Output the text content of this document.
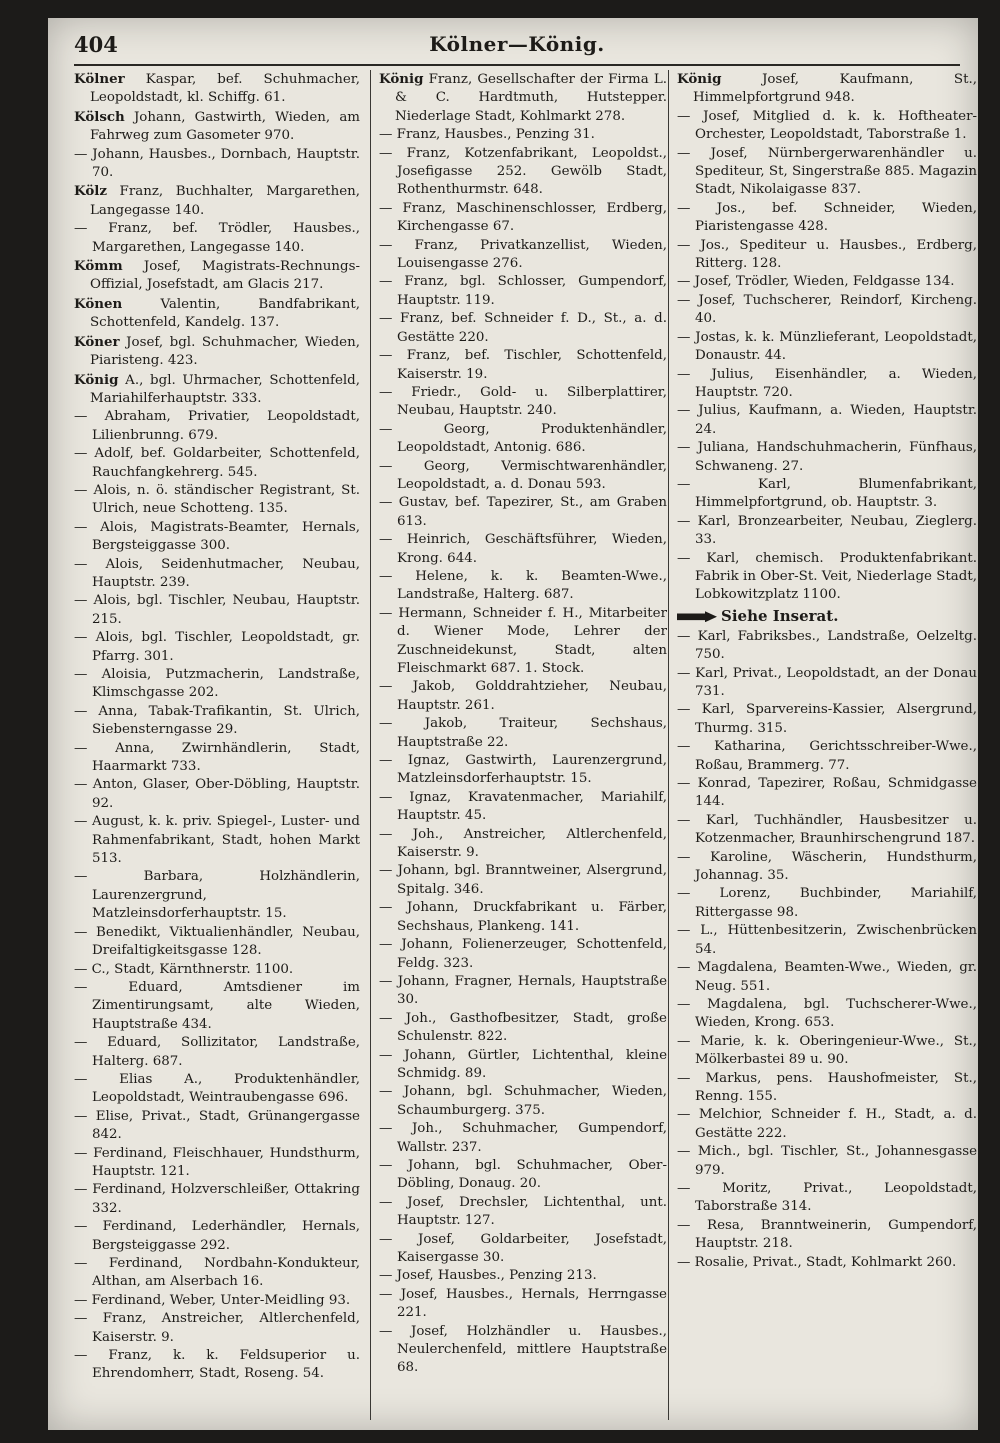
404	Kölner—König.

Kölner Kaspar, bef. Schuhmacher, Leopoldstadt, kl. Schiffg. 61.

Kölsch Johann, Gastwirth, Wieden, am Fahrweg zum Gasometer 970.

— Johann, Hausbes., Dornbach, Hauptstr. 70.

Kölz Franz, Buchhalter, Margarethen, Langegasse 140.

— Franz, bef. Trödler, Hausbes., Margarethen, Langegasse 140.

Kömm Josef, Magistrats-Rechnungs-Offizial, Josefstadt, am Glacis 217.

Könen	Valentin, Bandfabrikant, Schottenfeld, Kandelg. 137.

Köner Josef, bgl. Schuhmacher, Wieden, Piaristeng. 423.

König A., bgl. Uhrmacher, Schottenfeld, Mariahilferhauptstr. 333.

— Abraham, Privatier, Leopoldstadt, Lilienbrunng. 679.

— Adolf, bef. Goldarbeiter, Schottenfeld, Rauchfangkehrerg. 545.

— Alois, n. ö. ständischer Registrant, St. Ulrich, neue Schotteng. 135.

— Alois, Magistrats-Beamter, Hernals, Bergsteiggasse 300.

— Alois, Seidenhutmacher, Neubau, Hauptstr. 239.

— Alois, bgl. Tischler, Neubau, Hauptstr. 215.

— Alois, bgl. Tischler, Leopoldstadt, gr. Pfarrg. 301.

— Aloisia, Putzmacherin, Landstraße, Klimschgasse 202.

— Anna, Tabak-Trafikantin, St. Ulrich, Siebensterngasse 29.

— Anna, Zwirnhändlerin, Stadt, Haarmarkt 733.

— Anton, Glaser, Ober-Döbling, Hauptstr. 92.

— August, k. k. priv. Spiegel-, Luster- und Rahmenfabrikant, Stadt, hohen Markt 513.

— Barbara, Holzhändlerin, Laurenzergrund, Matzleinsdorferhauptstr. 15.

— Benedikt, Viktualienhändler, Neubau, Dreifaltigkeitsgasse 128.

— C., Stadt, Kärnthnerstr. 1100.

— Eduard, Amtsdiener im Zimentirungsamt, alte Wieden, Hauptstraße 434.

— Eduard, Sollizitator, Landstraße, Halterg. 687.

— Elias A., Produktenhändler, Leopoldstadt, Weintraubengasse 696.

— Elise, Privat., Stadt, Grünangergasse 842.

— Ferdinand, Fleischhauer, Hundsthurm, Hauptstr. 121.

— Ferdinand, Holzverschleißer, Ottakring 332.

— Ferdinand, Lederhändler, Hernals, Bergsteiggasse 292.

— Ferdinand, Nordbahn-Kondukteur, Althan, am Alserbach 16.

— Ferdinand, Weber, Unter-Meidling 93.

— Franz, Anstreicher, Altlerchenfeld, Kaiserstr. 9.

— Franz, k. k. Feldsuperior u. Ehrendomherr, Stadt, Roseng. 54.

König Franz, Gesellschafter der Firma L. & C. Hardtmuth, Hutstepper. Niederlage Stadt, Kohlmarkt 278.

— Franz, Hausbes., Penzing 31.

— Franz, Kotzenfabrikant, Leopoldst., Josefigasse 252. Gewölb Stadt, Rothenthurmstr. 648.

— Franz, Maschinenschlosser, Erdberg, Kirchengasse 67.

— Franz, Privatkanzellist, Wieden, Louisengasse 276.

— Franz, bgl. Schlosser, Gumpendorf, Hauptstr. 119.

— Franz, bef. Schneider f. D., St., a. d. Gestätte 220.

— Franz, bef. Tischler, Schottenfeld, Kaiserstr. 19.

— Friedr., Gold- u. Silberplattirer, Neubau, Hauptstr. 240.

— Georg, Produktenhändler, Leopoldstadt, Antonig. 686.

— Georg, Vermischtwarenhändler, Leopoldstadt, a. d. Donau 593.

— Gustav, bef. Tapezirer, St., am Graben 613.

— Heinrich, Geschäftsführer, Wieden, Krong. 644.

— Helene, k. k. Beamten-Wwe., Landstraße, Halterg. 687.

— Hermann, Schneider f. H., Mitarbeiter d. Wiener Mode, Lehrer der Zuschneidekunst, Stadt, alten Fleischmarkt 687. 1. Stock.

— Jakob, Golddrahtzieher, Neubau, Hauptstr. 261.

— Jakob, Traiteur, Sechshaus, Hauptstraße 22.

— Ignaz, Gastwirth, Laurenzergrund, Matzleinsdorferhauptstr. 15.

— Ignaz, Kravatenmacher, Mariahilf, Hauptstr. 45.

— Joh., Anstreicher, Altlerchenfeld, Kaiserstr. 9.

— Johann, bgl. Branntweiner, Alsergrund, Spitalg. 346.

— Johann, Druckfabrikant u. Färber, Sechshaus, Plankeng. 141.

— Johann, Folienerzeuger, Schottenfeld, Feldg. 323.

— Johann, Fragner, Hernals, Hauptstraße 30.

— Joh., Gasthofbesitzer, Stadt, große Schulenstr. 822.

— Johann, Gürtler, Lichtenthal, kleine Schmidg. 89.

— Johann, bgl. Schuhmacher, Wieden, Schaumburgerg. 375.

— Joh., Schuhmacher, Gumpendorf, Wallstr. 237.

— Johann, bgl. Schuhmacher, Ober-Döbling, Donaug. 20.

— Josef, Drechsler, Lichtenthal, unt. Hauptstr. 127.

— Josef, Goldarbeiter, Josefstadt, Kaisergasse 30.

— Josef, Hausbes., Penzing 213.

— Josef, Hausbes., Hernals, Herrngasse 221.

— Josef, Holzhändler u. Hausbes., Neulerchenfeld, mittlere Hauptstraße 68.

König	Josef, Kaufmann, St., Himmelpfortgrund 948.

— Josef, Mitglied d. k. k. Hoftheater-Orchester, Leopoldstadt, Taborstraße 1.

— Josef, Nürnbergerwarenhändler u. Spediteur, St, Singerstraße 885. Magazin Stadt, Nikolaigasse 837.

— Jos., bef. Schneider, Wieden, Piaristengasse 428.

— Jos., Spediteur u. Hausbes., Erdberg, Ritterg. 128.

— Josef, Trödler, Wieden, Feldgasse 134.

— Josef, Tuchscherer, Reindorf, Kircheng. 40.

— Jostas, k. k. Münzlieferant, Leopoldstadt, Donaustr. 44.

— Julius, Eisenhändler, a. Wieden, Hauptstr. 720.

— Julius, Kaufmann, a. Wieden, Hauptstr. 24.

— Juliana, Handschuhmacherin, Fünfhaus, Schwaneng. 27.

— Karl, Blumenfabrikant, Himmelpfortgrund, ob. Hauptstr. 3.

— Karl, Bronzearbeiter, Neubau, Zieglerg. 33.

— Karl, chemisch. Produktenfabrikant. Fabrik in Ober-St. Veit, Niederlage Stadt, Lobkowitzplatz 1100.

Siehe Inserat.

— Karl, Fabriksbes., Landstraße, Oelzeltg. 750.

— Karl, Privat., Leopoldstadt, an der Donau 731.

— Karl, Sparvereins-Kassier, Alsergrund, Thurmg. 315.

— Katharina, Gerichtsschreiber-Wwe., Roßau, Brammerg. 77.

— Konrad, Tapezirer, Roßau, Schmidgasse 144.

— Karl, Tuchhändler, Hausbesitzer u. Kotzenmacher, Braunhirschengrund 187.

— Karoline, Wäscherin, Hundsthurm, Johannag. 35.

— Lorenz, Buchbinder, Mariahilf, Rittergasse 98.

— L., Hüttenbesitzerin, Zwischenbrücken 54.

— Magdalena, Beamten-Wwe., Wieden, gr. Neug. 551.

— Magdalena, bgl. Tuchscherer-Wwe., Wieden, Krong. 653.

— Marie, k. k. Oberingenieur-Wwe., St., Mölkerbastei 89 u. 90.

— Markus, pens. Haushofmeister, St., Renng. 155.

— Melchior, Schneider f. H., Stadt, a. d. Gestätte 222.

— Mich., bgl. Tischler, St., Johannesgasse 979.

— Moritz, Privat., Leopoldstadt, Taborstraße 314.

— Resa, Branntweinerin, Gumpendorf, Hauptstr. 218.

— Rosalie, Privat., Stadt, Kohlmarkt 260.
